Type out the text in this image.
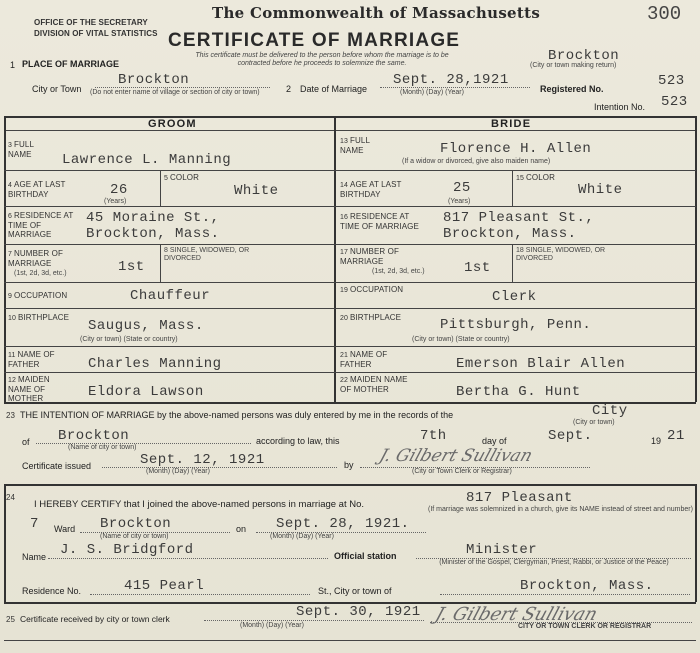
OFFICE OF THE SECRETARY
DIVISION OF VITAL STATISTICS
The Commonwealth of Massachusetts
CERTIFICATE OF MARRIAGE
This certificate must be delivered to the person before whom the marriage is to be contracted before he proceeds to solemnize the same.
300
Brockton
(City or town making return)
1 PLACE OF MARRIAGE
City or Town
Brockton
(Do not enter name of village or section of city or town)	2 Date of Marriage
Sept. 28,1921
(Month) (Day) (Year)	Registered No.	523
Intention No. 523
GROOM	BRIDE
3 FULL NAME	Lawrence L. Manning
4 AGE AT LAST BIRTHDAY	26
(Years)
5 COLOR
White
6 RESIDENCE AT TIME OF MARRIAGE
45 Moraine St.,
Brockton, Mass.
7 NUMBER OF MARRIAGE
(1st, 2d, 3d, etc.)	1st
8 SINGLE, WIDOWED, OR DIVORCED
9 OCCUPATION	Chauffeur
10 BIRTHPLACE
Saugus, Mass.
(City or town) (State or country)
11 NAME OF FATHER	Charles Manning
12 MAIDEN NAME OF MOTHER	Eldora Lawson
13 FULL NAME	Florence H. Allen
(If a widow or divorced, give also maiden name)
14 AGE AT LAST BIRTHDAY	25
(Years)
15 COLOR
White
16 RESIDENCE AT TIME OF MARRIAGE
817 Pleasant St.,
Brockton, Mass.
17 NUMBER OF MARRIAGE
(1st, 2d, 3d, etc.)	1st
18 SINGLE, WIDOWED, OR DIVORCED
19 OCCUPATION	Clerk
20 BIRTHPLACE	Pittsburgh, Penn.
(City or town) (State or country)
21 NAME OF FATHER	Emerson Blair Allen
22 MAIDEN NAME OF MOTHER	Bertha G. Hunt
23 THE INTENTION OF MARRIAGE by the above-named persons was duly entered by me in the records of the	City
(City or town)
of Brockton
(Name of city or town)
according to law, this	7th	day of	Sept.	19 21
Certificate issued	Sept. 12, 1921
(Month) (Day) (Year)
by J. Gilbert Sullivan
(City or Town Clerk or Registrar)
24
I HEREBY CERTIFY that I joined the above-named persons in marriage at No.	817 Pleasant
(If marriage was solemnized in a church, give its NAME instead of street and number)
7 Ward Brockton
(Name of city or town)
on Sept. 28, 1921.
(Month) (Day) (Year)
Name J. S. Bridgford	Official station	Minister
(Minister of the Gospel, Clergyman, Priest, Rabbi, or Justice of the Peace)
Residence No.	415 Pearl	St., City or town of	Brockton, Mass.
25 Certificate received by city or town clerk	Sept. 30, 1921
(Month) (Day) (Year)
J. Gilbert Sullivan
CITY OR TOWN CLERK OR REGISTRAR
